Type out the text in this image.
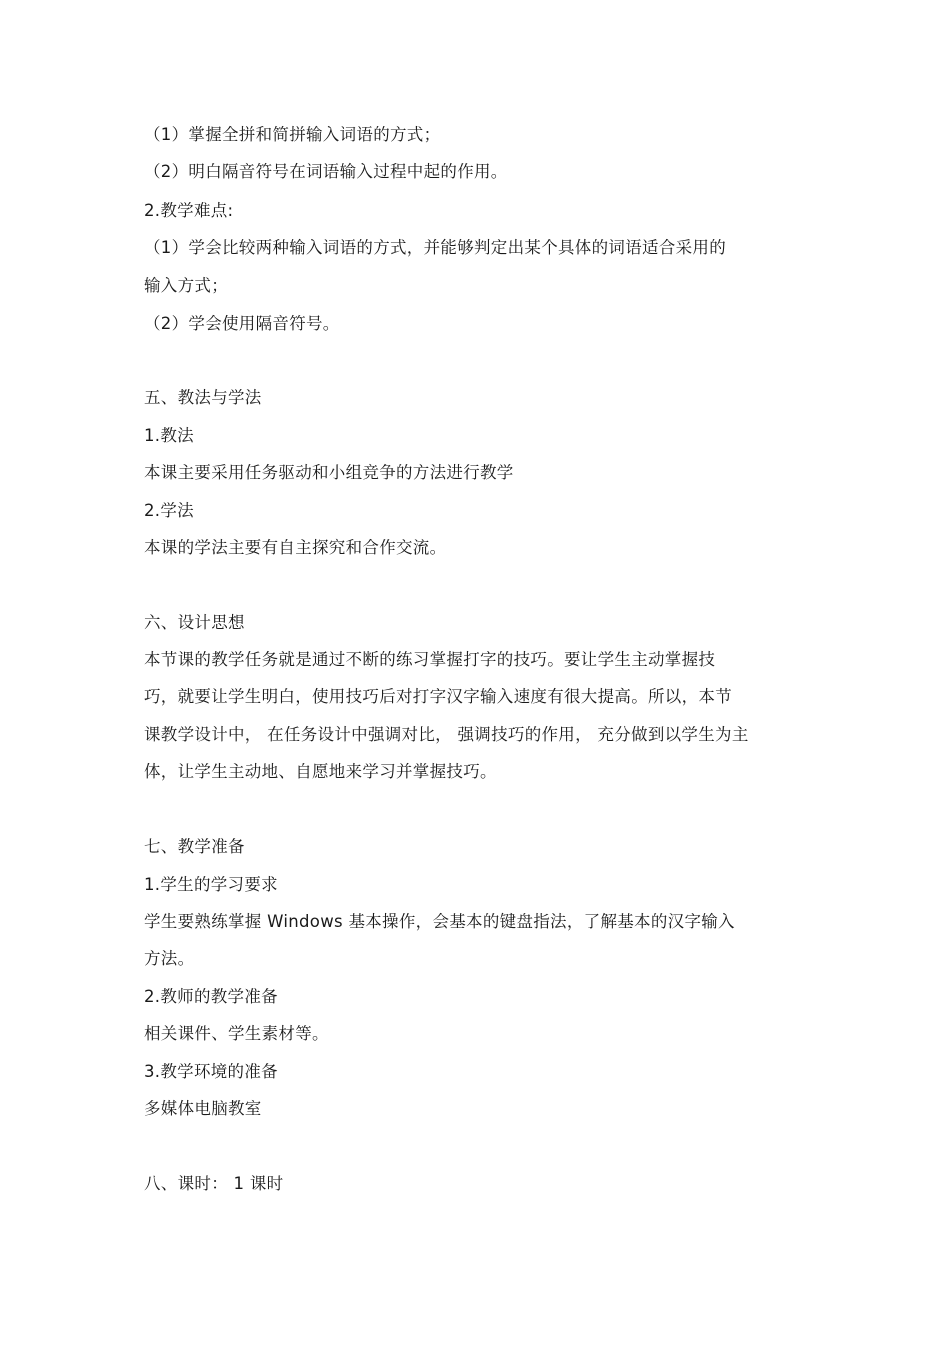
（1）掌握全拼和简拼输入词语的方式；
（2）明白隔音符号在词语输入过程中起的作用。
2.教学难点:
（1）学会比较两种输入词语的方式，并能够判定出某个具体的词语适合采用的
输入方式；
（2）学会使用隔音符号。
五、教法与学法
1.教法
本课主要采用任务驱动和小组竞争的方法进行教学
2.学法
本课的学法主要有自主探究和合作交流。
六、设计思想
本节课的教学任务就是通过不断的练习掌握打字的技巧。要让学生主动掌握技
巧，就要让学生明白，使用技巧后对打字汉字输入速度有很大提高。所以，本节
课教学设计中， 在任务设计中强调对比， 强调技巧的作用， 充分做到以学生为主
体，让学生主动地、自愿地来学习并掌握技巧。
七、教学准备
1.学生的学习要求
学生要熟练掌握 Windows 基本操作，会基本的键盘指法，了解基本的汉字输入
方法。
2.教师的教学准备
相关课件、学生素材等。
3.教学环境的准备
多媒体电脑教室
八、课时： 1 课时
